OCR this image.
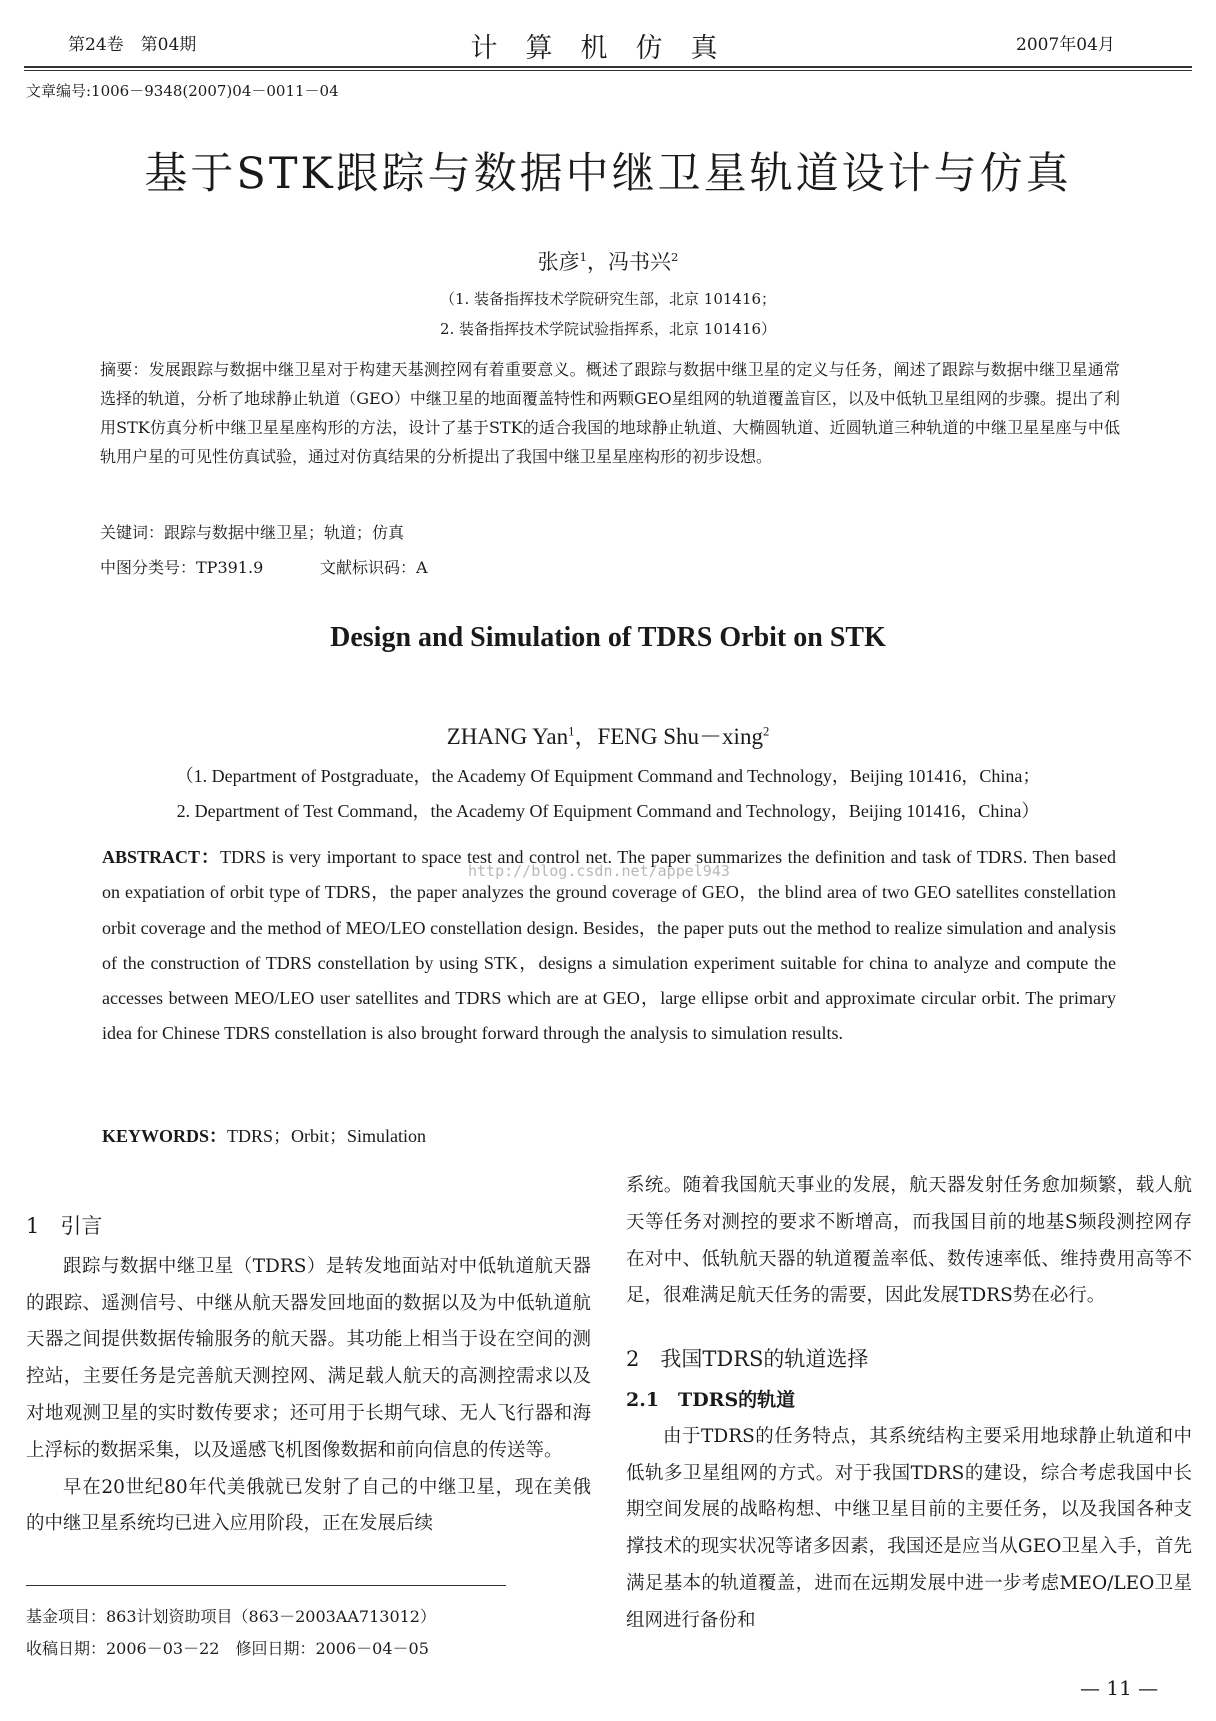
第24卷　第04期	计算机仿真	2007年04月
文章编号:1006－9348(2007)04－0011－04
基于STK跟踪与数据中继卫星轨道设计与仿真
张彦$^1$，冯书兴$^2$
（1. 装备指挥技术学院研究生部，北京 101416；
2. 装备指挥技术学院试验指挥系，北京 101416）
摘要：发展跟踪与数据中继卫星对于构建天基测控网有着重要意义。概述了跟踪与数据中继卫星的定义与任务，阐述了跟踪与数据中继卫星通常选择的轨道，分析了地球静止轨道（GEO）中继卫星的地面覆盖特性和两颗GEO星组网的轨道覆盖盲区，以及中低轨卫星组网的步骤。提出了利用STK仿真分析中继卫星星座构形的方法，设计了基于STK的适合我国的地球静止轨道、大椭圆轨道、近圆轨道三种轨道的中继卫星星座与中低轨用户星的可见性仿真试验，通过对仿真结果的分析提出了我国中继卫星星座构形的初步设想。
关键词：跟踪与数据中继卫星；轨道；仿真
中图分类号：TP391.9	文献标识码：A
Design and Simulation of TDRS Orbit on STK
ZHANG Yan$^1$，FENG Shu－xing$^2$
（1. Department of Postgraduate，the Academy Of Equipment Command and Technology，Beijing 101416，China；
2. Department of Test Command，the Academy Of Equipment Command and Technology，Beijing 101416，China）
ABSTRACT：TDRS is very important to space test and control net. The paper summarizes the definition and task of TDRS. Then based on expatiation of orbit type of TDRS，the paper analyzes the ground coverage of GEO，the blind area of two GEO satellites constellation orbit coverage and the method of MEO/LEO constellation design. Besides，the paper puts out the method to realize simulation and analysis of the construction of TDRS constellation by using STK，designs a simulation experiment suitable for china to analyze and compute the accesses between MEO/LEO user satellites and TDRS which are at GEO，large ellipse orbit and approximate circular orbit. The primary idea for Chinese TDRS constellation is also brought forward through the analysis to simulation results.
KEYWORDS：TDRS；Orbit；Simulation
http://blog.csdn.net/appel943
1　引言

跟踪与数据中继卫星（TDRS）是转发地面站对中低轨道航天器的跟踪、遥测信号、中继从航天器发回地面的数据以及为中低轨道航天器之间提供数据传输服务的航天器。其功能上相当于设在空间的测控站，主要任务是完善航天测控网、满足载人航天的高测控需求以及对地观测卫星的实时数传要求；还可用于长期气球、无人飞行器和海上浮标的数据采集，以及遥感飞机图像数据和前向信息的传送等。

早在20世纪80年代美俄就已发射了自己的中继卫星，现在美俄的中继卫星系统均已进入应用阶段，正在发展后续

系统。随着我国航天事业的发展，航天器发射任务愈加频繁，载人航天等任务对测控的要求不断增高，而我国目前的地基S频段测控网存在对中、低轨航天器的轨道覆盖率低、数传速率低、维持费用高等不足，很难满足航天任务的需要，因此发展TDRS势在必行。

2　我国TDRS的轨道选择
2.1　TDRS的轨道

由于TDRS的任务特点，其系统结构主要采用地球静止轨道和中低轨多卫星组网的方式。对于我国TDRS的建设，综合考虑我国中长期空间发展的战略构想、中继卫星目前的主要任务，以及我国各种支撑技术的现实状况等诸多因素，我国还是应当从GEO卫星入手，首先满足基本的轨道覆盖，进而在远期发展中进一步考虑MEO/LEO卫星组网进行备份和

基金项目：863计划资助项目（863－2003AA713012）
收稿日期：2006－03－22　修回日期：2006－04－05
— 11 —
